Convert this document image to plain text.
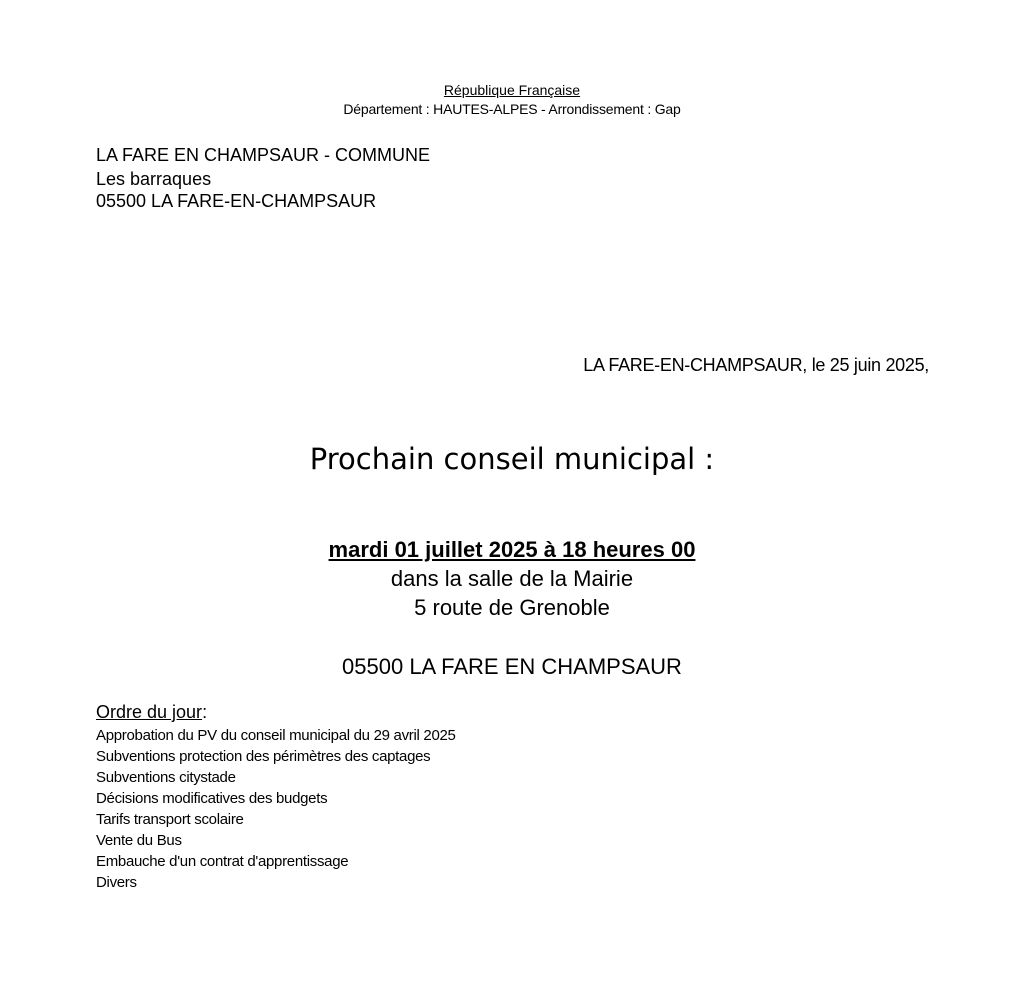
République Française
Département : HAUTES-ALPES - Arrondissement : Gap
LA FARE EN CHAMPSAUR - COMMUNE
Les barraques
05500 LA FARE-EN-CHAMPSAUR
LA FARE-EN-CHAMPSAUR, le 25 juin 2025,
Prochain conseil municipal :
mardi 01 juillet 2025 à 18 heures 00
dans la salle de la Mairie
5 route de Grenoble
05500 LA FARE EN CHAMPSAUR
Ordre du jour:
Approbation du PV du conseil municipal du 29 avril 2025
Subventions protection des périmètres des captages
Subventions citystade
Décisions modificatives des budgets
Tarifs transport scolaire
Vente du Bus
Embauche d'un contrat d'apprentissage
Divers
